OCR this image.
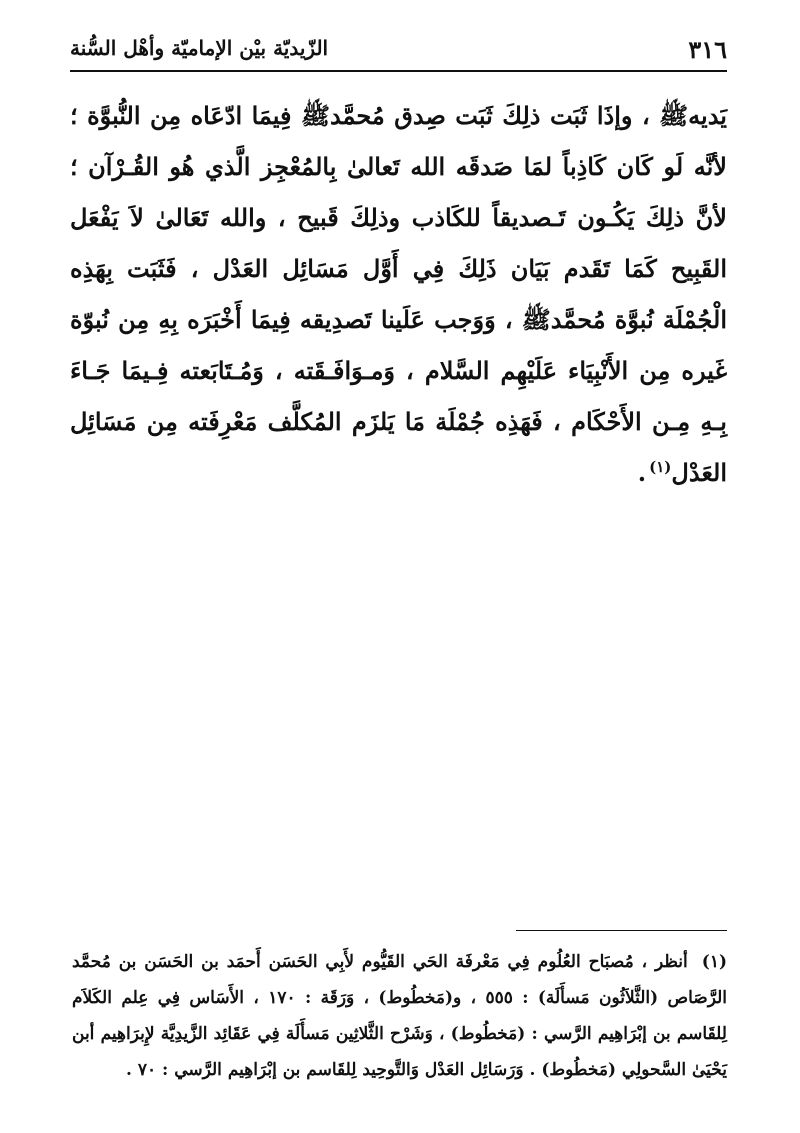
٣١٦
الزّيديّة بيْن الإماميّة وأهْل السُّنة

يَديهﷺ ، وإذَا ثَبَت ذلِكَ ثَبَت صِدق مُحمَّدﷺ فِيمَا ادّعَاه مِن النُّبوَّة ؛ لأنَّه لَو كَان كَاذِباً لمَا صَدقَه الله تَعالىٰ بِالمُعْجِز الَّذي هُو القُـرْآن ؛ لأنَّ ذلِكَ يَكُـون تَـصديقاً للكَاذب وذلِكَ قَبيح ، والله تَعَالىٰ لاَ يَفْعَل القَبِيح كَمَا تَقَدم بَيَان ذَلِكَ فِي أَوَّل مَسَائِل العَدْل ، فَثَبَت بِهَذِه الْجُمْلَة نُبوَّة مُحمَّدﷺ ، وَوَجب عَلَينا تَصدِيقه فِيمَا أَخْبَرَه بِهِ مِن نُبوّة غَيره مِن الأَنْبِيَاء عَلَيْهِم السَّلام ، وَمـوَافَـقَته ، وَمُـتَابَعته فِـيمَا جَـاءَ بِـهِ مِـن الأَحْكَام ، فَهَذِه جُمْلَة مَا يَلزَم المُكلَّف مَعْرِفَته مِن مَسَائِل العَدْل$^{(١)}$.

(١)أنظر ، مُصبَاح العُلُوم فِي مَعْرفَة الحَي القَيُّوم لأَبِي الحَسَن أَحمَد بن الحَسَن بن مُحمَّد الرَّصَاص (الثَّلاَثُون مَسأَلَة) : ٥٥٥ ، و(مَخطُوط) ، وَرَقَة : ١٧٠ ، الأَسَاس فِي عِلم الكَلاَم لِلقَاسم بن إبْرَاهِيم الرَّسي : (مَخطُوط) ، وَشَرْح الثَّلاثِين مَسأَلَة فِي عَقَائِد الزَّيدِيَّة لإِبرَاهِيم أبن يَحْيَىٰ السَّحولِي (مَخطُوط) . وَرَسَائِل العَدْل وَالتَّوحِيد لِلقَاسم بن إبْرَاهِيم الرَّسي : ٧٠ .
